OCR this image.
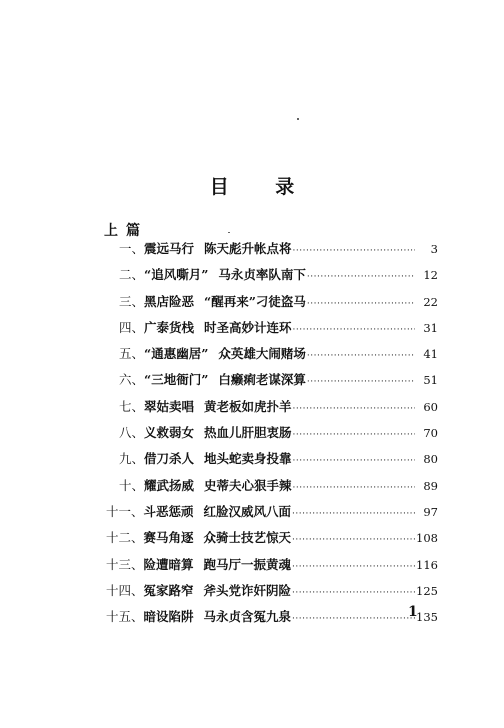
目 录
上篇
一、 震远马行 陈天彪升帐点将 ·····	3
二、 “追风嘶月” 马永贞率队南下 ·····	12
三、 黑店险恶 “醒再来”刁徒盗马 ·····	22
四、 广泰货栈 时圣高妙计连环 ·····	31
五、 “通惠幽居” 众英雄大闹赌场 ·····	41
六、 “三地衙门” 白癞痢老谋深算 ·····	51
七、 翠姑卖唱 黄老板如虎扑羊 ·····	60
八、 义救弱女 热血儿肝胆衷肠 ·····	70
九、 借刀杀人 地头蛇卖身投靠 ·····	80
十、 耀武扬威 史蒂夫心狠手辣 ·····	89
十一、 斗恶惩顽 红脸汉威风八面 ·····	97
十二、 赛马角逐 众骑士技艺惊天 ·····	108
十三、 险遭暗算 跑马厅一振黄魂 ·····	116
十四、 冤家路窄 斧头党诈奸阴险 ·····	125
十五、 暗设陷阱 马永贞含冤九泉 ·····	135
1
